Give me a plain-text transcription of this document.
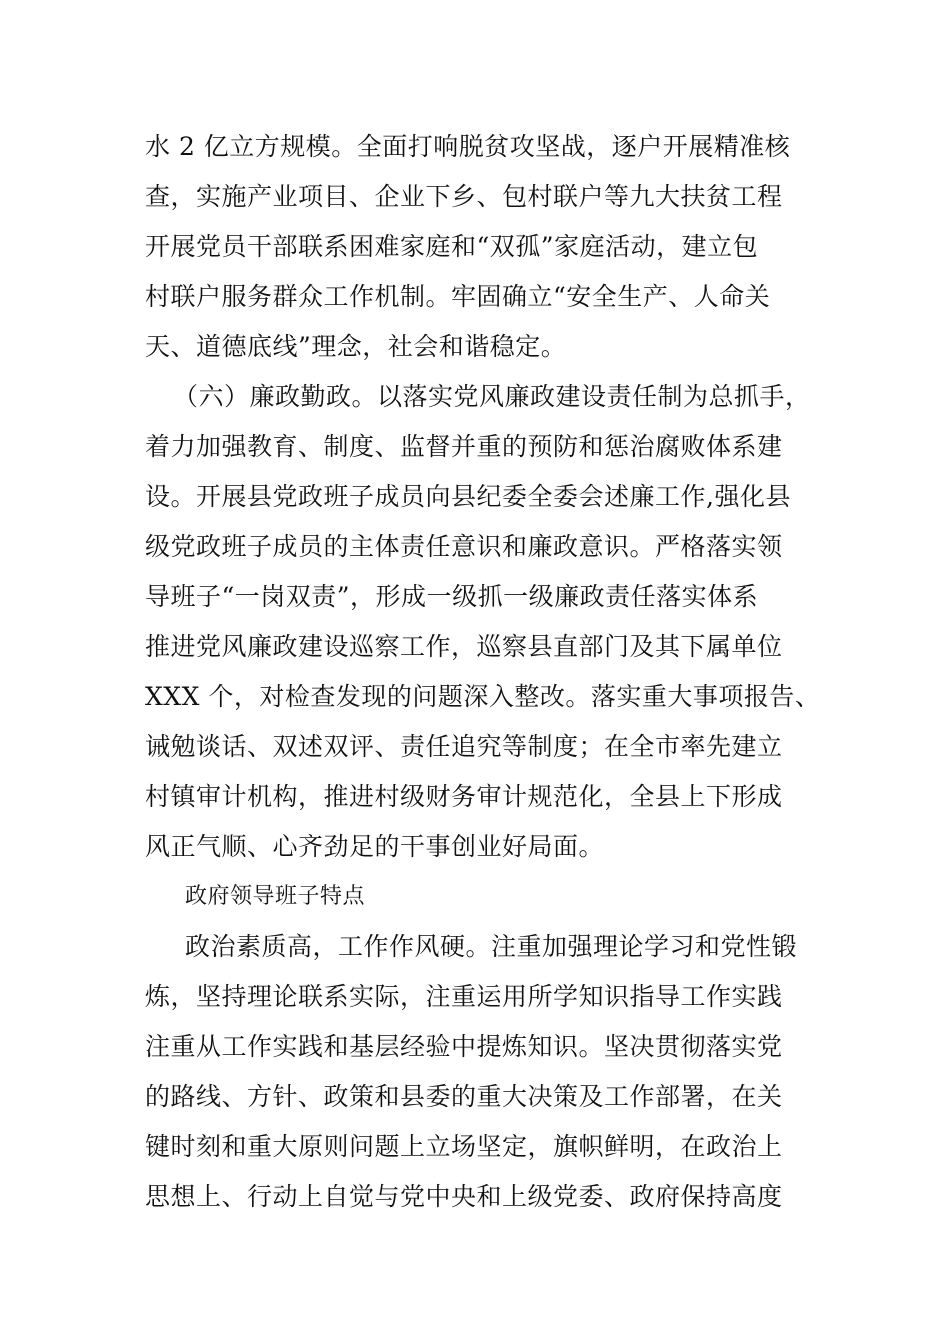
水 2 亿立方规模。全面打响脱贫攻坚战，逐户开展精准核
查，实施产业项目、企业下乡、包村联户等九大扶贫工程
开展党员干部联系困难家庭和“双孤”家庭活动，建立包
村联户服务群众工作机制。牢固确立“安全生产、人命关
天、道德底线”理念，社会和谐稳定。
（六）廉政勤政。以落实党风廉政建设责任制为总抓手，
着力加强教育、制度、监督并重的预防和惩治腐败体系建
设。开展县党政班子成员向县纪委全委会述廉工作,强化县
级党政班子成员的主体责任意识和廉政意识。严格落实领
导班子“一岗双责”，形成一级抓一级廉政责任落实体系
推进党风廉政建设巡察工作，巡察县直部门及其下属单位
XXX 个，对检查发现的问题深入整改。落实重大事项报告、
诫勉谈话、双述双评、责任追究等制度；在全市率先建立
村镇审计机构，推进村级财务审计规范化，全县上下形成
风正气顺、心齐劲足的干事创业好局面。
政府领导班子特点
政治素质高，工作作风硬。注重加强理论学习和党性锻
炼，坚持理论联系实际，注重运用所学知识指导工作实践
注重从工作实践和基层经验中提炼知识。坚决贯彻落实党
的路线、方针、政策和县委的重大决策及工作部署，在关
键时刻和重大原则问题上立场坚定，旗帜鲜明，在政治上
思想上、行动上自觉与党中央和上级党委、政府保持高度
